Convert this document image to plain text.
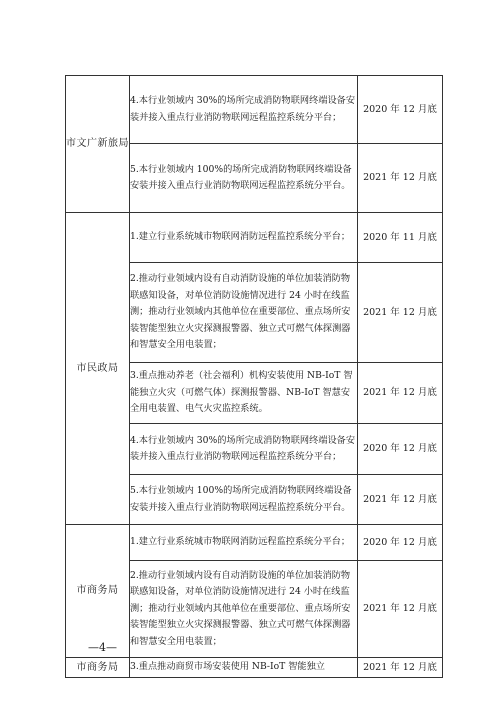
市文广新旅局	4.本行业领域内 30%的场所完成消防物联网终端设备安装并接入重点行业消防物联网远程监控系统分平台；	2020 年 12 月底

	5.本行业领域内 100%的场所完成消防物联网终端设备安装并接入重点行业消防物联网远程监控系统分平台。	2021 年 12 月底
市民政局	1.建立行业系统城市物联网消防远程监控系统分平台；	2020 年 11 月底

	2.推动行业领域内设有自动消防设施的单位加装消防物联感知设备，对单位消防设施情况进行 24 小时在线监测；推动行业领域内其他单位在重要部位、重点场所安装智能型独立火灾探测报警器、独立式可燃气体探测器和智慧安全用电装置；	2021 年 12 月底

	3.重点推动养老（社会福利）机构安装使用 NB-IoT 智能独立火灾（可燃气体）探测报警器、NB-IoT 智慧安全用电装置、电气火灾监控系统。	2021 年 12 月底

	4.本行业领域内 30%的场所完成消防物联网终端设备安装并接入重点行业消防物联网远程监控系统分平台；	2020 年 12 月底

	5.本行业领域内 100%的场所完成消防物联网终端设备安装并接入重点行业消防物联网远程监控系统分平台。	2021 年 12 月底
市商务局	1.建立行业系统城市物联网消防远程监控系统分平台；	2020 年 12 月底

	2.推动行业领域内设有自动消防设施的单位加装消防物联感知设备，对单位消防设施情况进行 24 小时在线监测；推动行业领域内其他单位在重要部位、重点场所安装智能型独立火灾探测报警器、独立式可燃气体探测器和智慧安全用电装置；	2021 年 12 月底
市商务局	3.重点推动商贸市场安装使用 NB-IoT 智能独立	2021 年 12 月底
—4—
